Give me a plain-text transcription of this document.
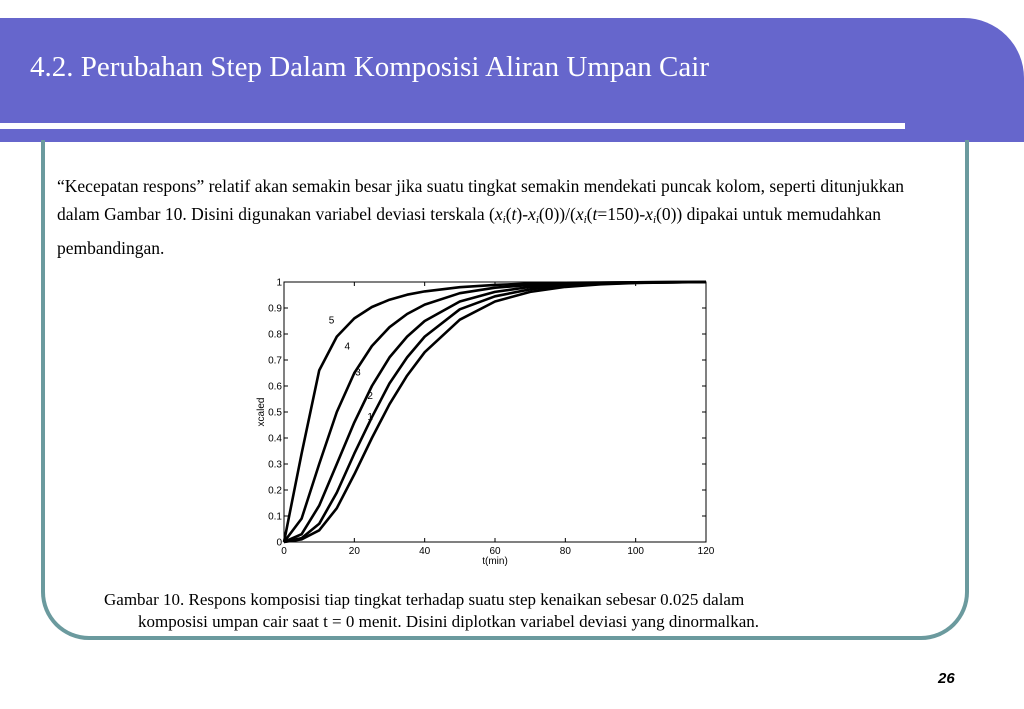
4.2. Perubahan Step Dalam Komposisi Aliran Umpan Cair
“Kecepatan respons” relatif akan semakin besar jika suatu tingkat semakin mendekati puncak kolom, seperti ditunjukkan dalam Gambar 10. Disini digunakan variabel deviasi terskala $(x_i(t)-x_i(0))/(x_i(t=150)-x_i(0))$ dipakai untuk memudahkan pembandingan.
0	20	40	60	80	100	120
0
0.1
0.2
0.3
0.4
0.5
0.6
0.7
0.8
0.9
1
t(min)
xcaled
5
4
3
2
1
Gambar 10. Respons komposisi tiap tingkat terhadap suatu step kenaikan sebesar 0.025 dalam
komposisi umpan cair saat t = 0 menit. Disini diplotkan variabel deviasi yang dinormalkan.
26
